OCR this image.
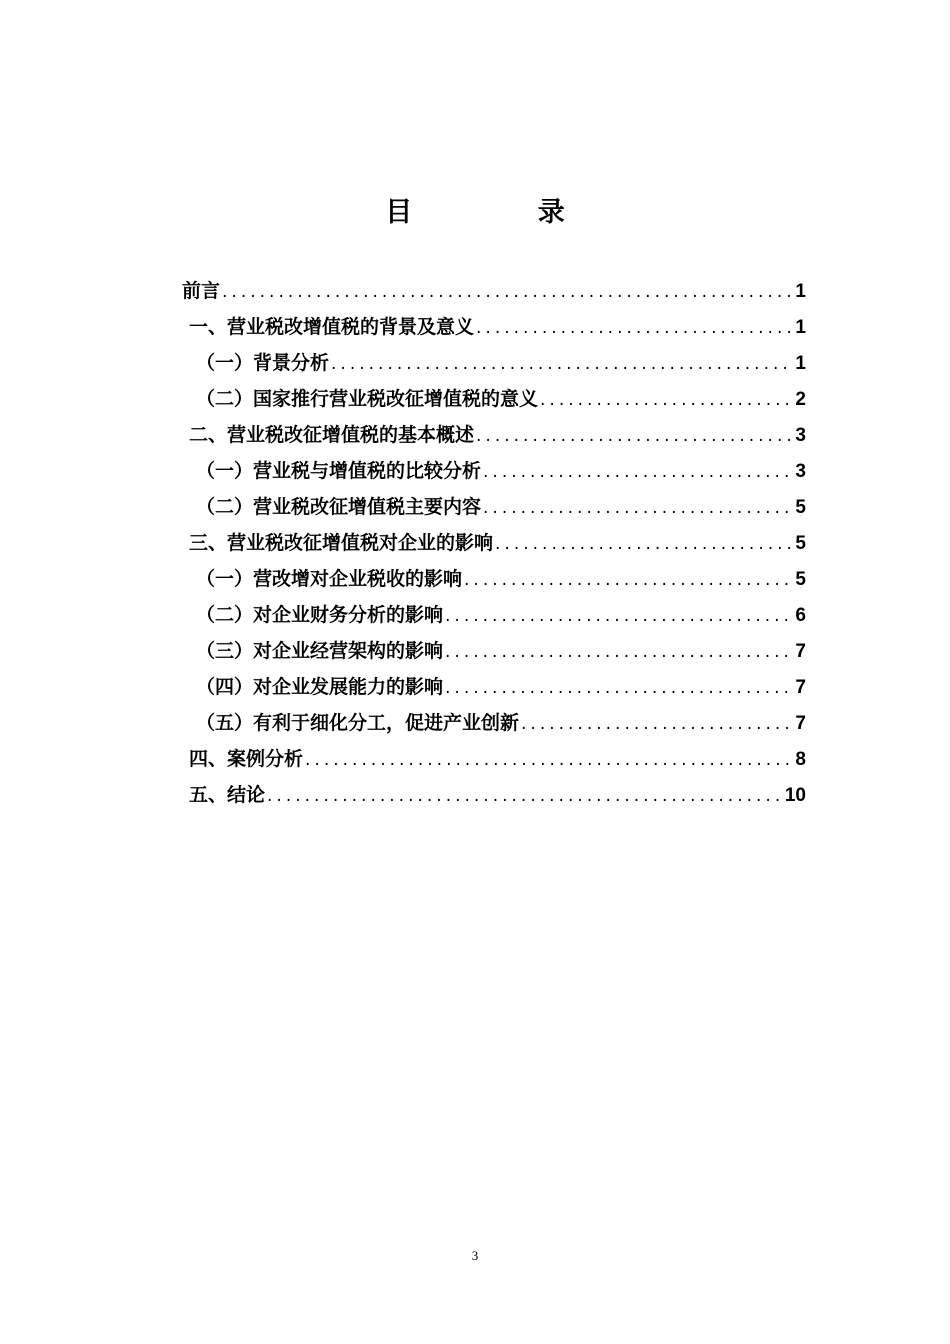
目 录
前言 .....	1
一、营业税改增值税的背景及意义 .....	1
（一）背景分析 .....	1
（二）国家推行营业税改征增值税的意义 .....	2
二、营业税改征增值税的基本概述 .....	3
（一）营业税与增值税的比较分析 .....	3
（二）营业税改征增值税主要内容 .....	5
三、营业税改征增值税对企业的影响 .....	5
（一）营改增对企业税收的影响 .....	5
（二）对企业财务分析的影响 .....	6
（三）对企业经营架构的影响 .....	7
（四）对企业发展能力的影响 .....	7
（五）有利于细化分工，促进产业创新 .....	7
四、案例分析 .....	8
五、结论 .....	10
3
